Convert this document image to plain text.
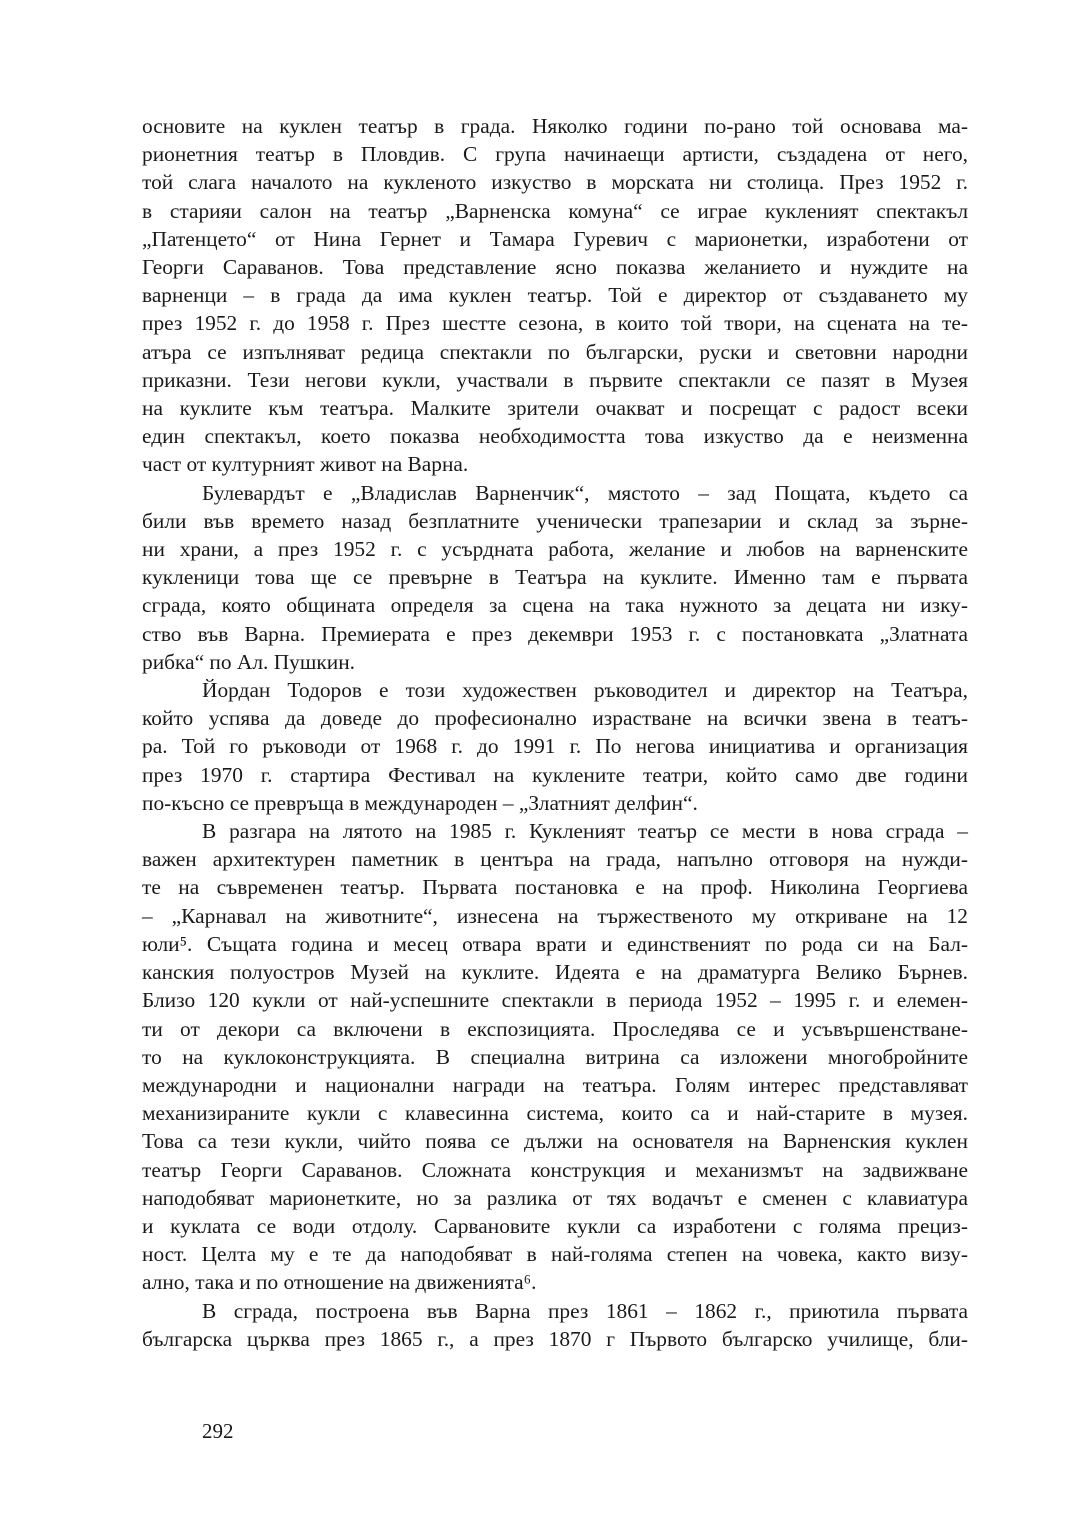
основите на куклен театър в града. Няколко години по-рано той основава ма-
рионетния театър в Пловдив. С група начинаещи артисти, създадена от него,
той слага началото на кукленото изкуство в морската ни столица. През 1952 г.
в старияи салон на театър „Варненска комуна“ се играе кукленият спектакъл
„Патенцето“ от Нина Гернет и Тамара Гуревич с марионетки, изработени от
Георги Сараванов. Това представление ясно показва желанието и нуждите на
варненци – в града да има куклен театър. Той е директор от създаването му
през 1952 г. до 1958 г. През шестте сезона, в които той твори, на сцената на те-
атъра се изпълняват редица спектакли по български, руски и световни народни
приказни. Тези негови кукли, участвали в първите спектакли се пазят в Музея
на куклите към театъра. Малките зрители очакват и посрещат с радост всеки
един спектакъл, което показва необходимостта това изкуство да е неизменна
част от културният живот на Варна.

Булевардът е „Владислав Варненчик“, мястото – зад Пощата, където са
били във времето назад безплатните ученически трапезарии и склад за зърне-
ни храни, а през 1952 г. с усърдната работа, желание и любов на варненските
кукленици това ще се превърне в Театъра на куклите. Именно там е първата
сграда, която общината определя за сцена на така нужното за децата ни изку-
ство във Варна. Премиерата е през декември 1953 г. с постановката „Златната
рибка“ по Ал. Пушкин.

Йордан Тодоров е този художествен ръководител и директор на Театъра,
който успява да доведе до професионално израстване на всички звена в театъ-
ра. Той го ръководи от 1968 г. до 1991 г. По негова инициатива и организация
през 1970 г. стартира Фестивал на куклените театри, който само две години
по-късно се превръща в международен – „Златният делфин“.

В разгара на лятото на 1985 г. Кукленият театър се мести в нова сграда –
важен архитектурен паметник в центъра на града, напълно отговоря на нужди-
те на съвременен театър. Първата постановка е на проф. Николина Георгиева
– „Карнавал на животните“, изнесена на тържественото му откриване на 12
юли⁵. Същата година и месец отвара врати и единственият по рода си на Бал-
канския полуостров Музей на куклите. Идеята е на драматурга Велико Бърнев.
Близо 120 кукли от най-успешните спектакли в периода 1952 – 1995 г. и елемен-
ти от декори са включени в експозицията. Проследява се и усъвършенстване-
то на куклоконструкцията. В специална витрина са изложени многобройните
международни и национални награди на театъра. Голям интерес представляват
механизираните кукли с клавесинна система, които са и най-старите в музея.
Това са тези кукли, чийто поява се дължи на основателя на Варненския куклен
театър Георги Сараванов. Сложната конструкция и механизмът на задвижване
наподобяват марионетките, но за разлика от тях водачът е сменен с клавиатура
и куклата се води отдолу. Сарвановите кукли са изработени с голяма прециз-
ност. Целта му е те да наподобяват в най-голяма степен на човека, както визу-
ално, така и по отношение на движенията⁶.

В сграда, построена във Варна през 1861 – 1862 г., приютила първата
българска църква през 1865 г., а през 1870 г Първото българско училище, бли-

292
